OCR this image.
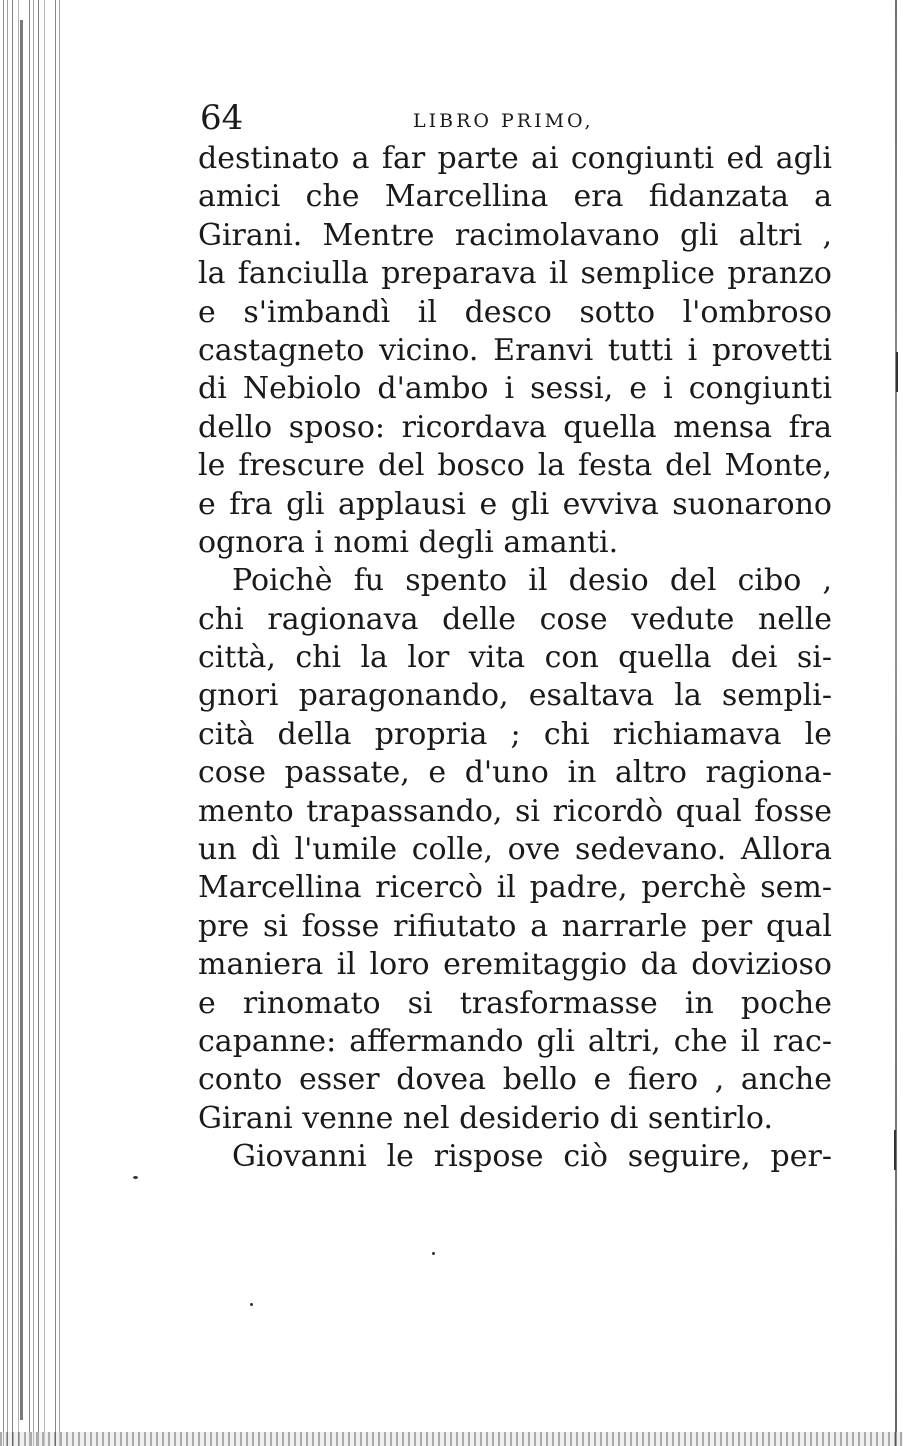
64	LIBRO PRIMO,
destinato a far parte ai congiunti ed agli
amici che Marcellina era fidanzata a
Girani. Mentre racimolavano gli altri ,
la fanciulla preparava il semplice pranzo
e s'imbandì il desco sotto l'ombroso
castagneto vicino. Eranvi tutti i provetti
di Nebiolo d'ambo i sessi, e i congiunti
dello sposo: ricordava quella mensa fra
le frescure del bosco la festa del Monte,
e fra gli applausi e gli evviva suonarono
ognora i nomi degli amanti.
Poichè fu spento il desio del cibo ,
chi ragionava delle cose vedute nelle
città, chi la lor vita con quella dei si-
gnori paragonando, esaltava la sempli-
cità della propria ; chi richiamava le
cose passate, e d'uno in altro ragiona-
mento trapassando, si ricordò qual fosse
un dì l'umile colle, ove sedevano. Allora
Marcellina ricercò il padre, perchè sem-
pre si fosse rifiutato a narrarle per qual
maniera il loro eremitaggio da dovizioso
e rinomato si trasformasse in poche
capanne: affermando gli altri, che il rac-
conto esser dovea bello e fiero , anche
Girani venne nel desiderio di sentirlo.
Giovanni le rispose ciò seguire, per-
